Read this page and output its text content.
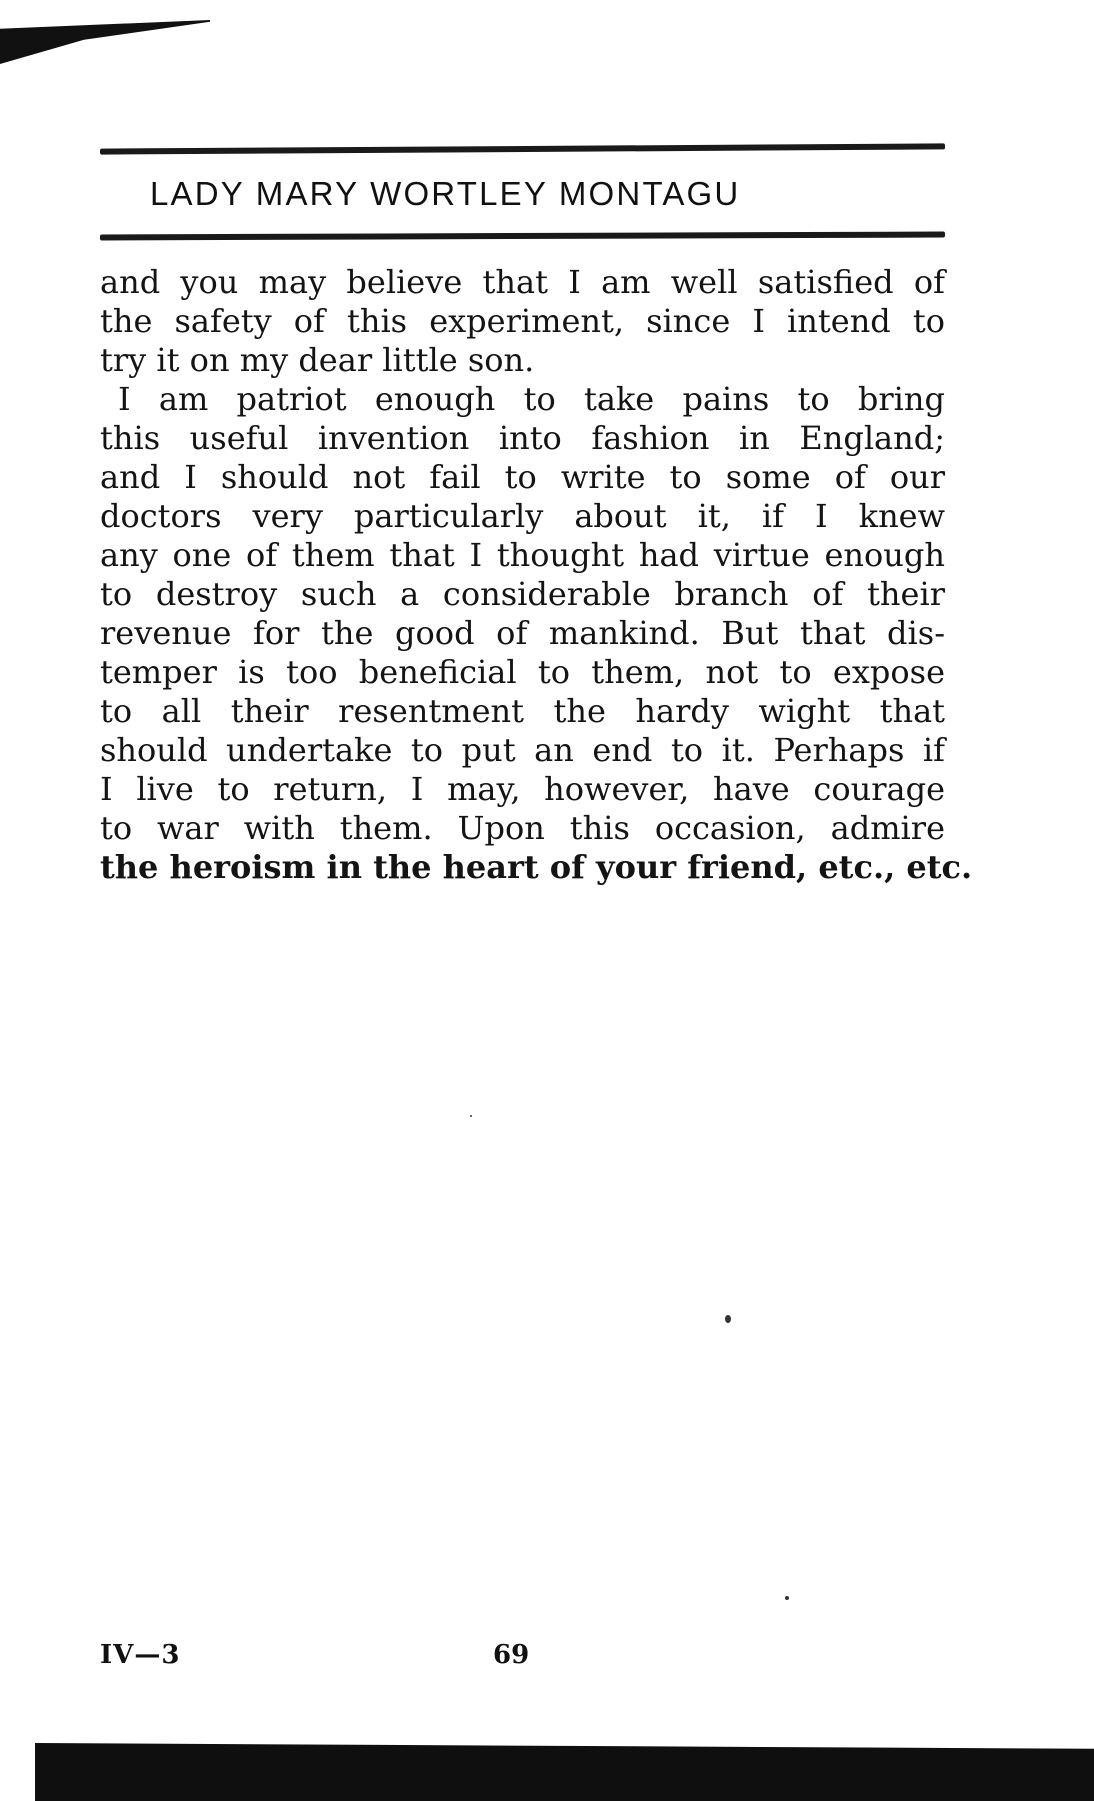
LADY MARY WORTLEY MONTAGU
and you may believe that I am well satisfied of
the safety of this experiment, since I intend to
try it on my dear little son.
I am patriot enough to take pains to bring
this useful invention into fashion in England;
and I should not fail to write to some of our
doctors very particularly about it, if I knew
any one of them that I thought had virtue enough
to destroy such a considerable branch of their
revenue for the good of mankind. But that dis-
temper is too beneficial to them, not to expose
to all their resentment the hardy wight that
should undertake to put an end to it. Perhaps if
I live to return, I may, however, have courage
to war with them. Upon this occasion, admire
the heroism in the heart of your friend, etc., etc.
IV—3	69
